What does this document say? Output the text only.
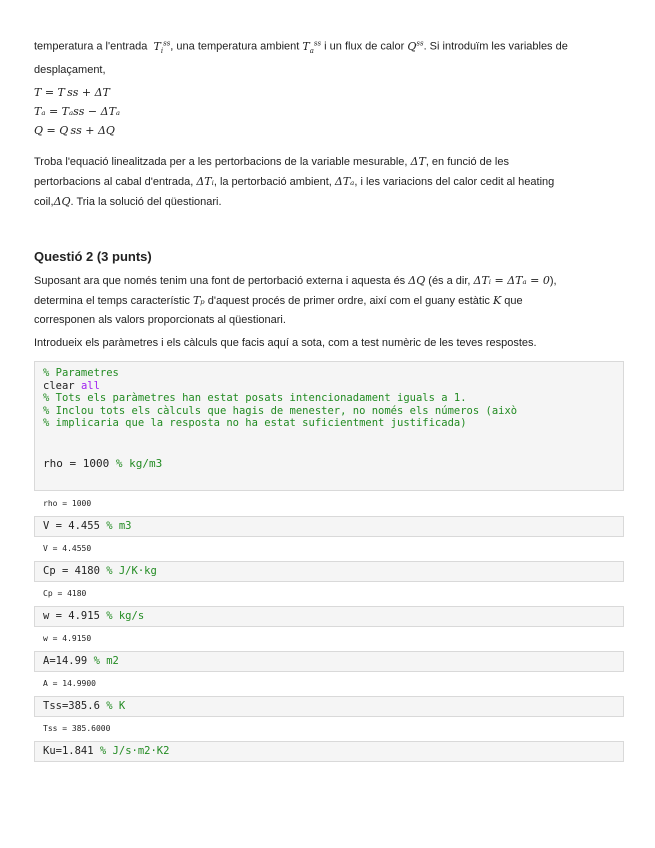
temperatura a l'entrada $T_i^{ss}$, una temperatura ambient $T_a^{ss}$ i un flux de calor $Q^{ss}$. Si introduïm les variables de
desplaçament,

T = T ss + ΔT
Tₐ = Tₐss − ΔTₐ
Q = Q ss + ΔQ

Troba l'equació linealitzada per a les pertorbacions de la variable mesurable, ΔT, en funció de les
pertorbacions al cabal d'entrada, ΔTᵢ, la pertorbació ambient, ΔTₐ, i les variacions del calor cedit al heating
coil,ΔQ. Tria la solució del qüestionari.

Questió 2 (3 punts)

Suposant ara que només tenim una font de pertorbació externa i aquesta és ΔQ (és a dir, ΔTᵢ = ΔTₐ = 0),
determina el temps característic Tₚ d'aquest procés de primer ordre, així com el guany estàtic K que
corresponen als valors proporcionats al qüestionari.

Introdueix els paràmetres i els càlculs que facis aquí a sota, com a test numèric de les teves respostes.

% Parametres
clear all
% Tots els paràmetres han estat posats intencionadament iguals a 1.
% Inclou tots els càlculs que hagis de menester, no només els números (això
% implicaria que la resposta no ha estat suficientment justificada)
rho = 1000 % kg/m3
rho = 1000
V = 4.455 % m3
V = 4.4550
Cp = 4180 % J/K·kg
Cp = 4180
w = 4.915 % kg/s
w = 4.9150
A=14.99 % m2
A = 14.9900
Tss=385.6 % K
Tss = 385.6000
Ku=1.841 % J/s·m2·K2
